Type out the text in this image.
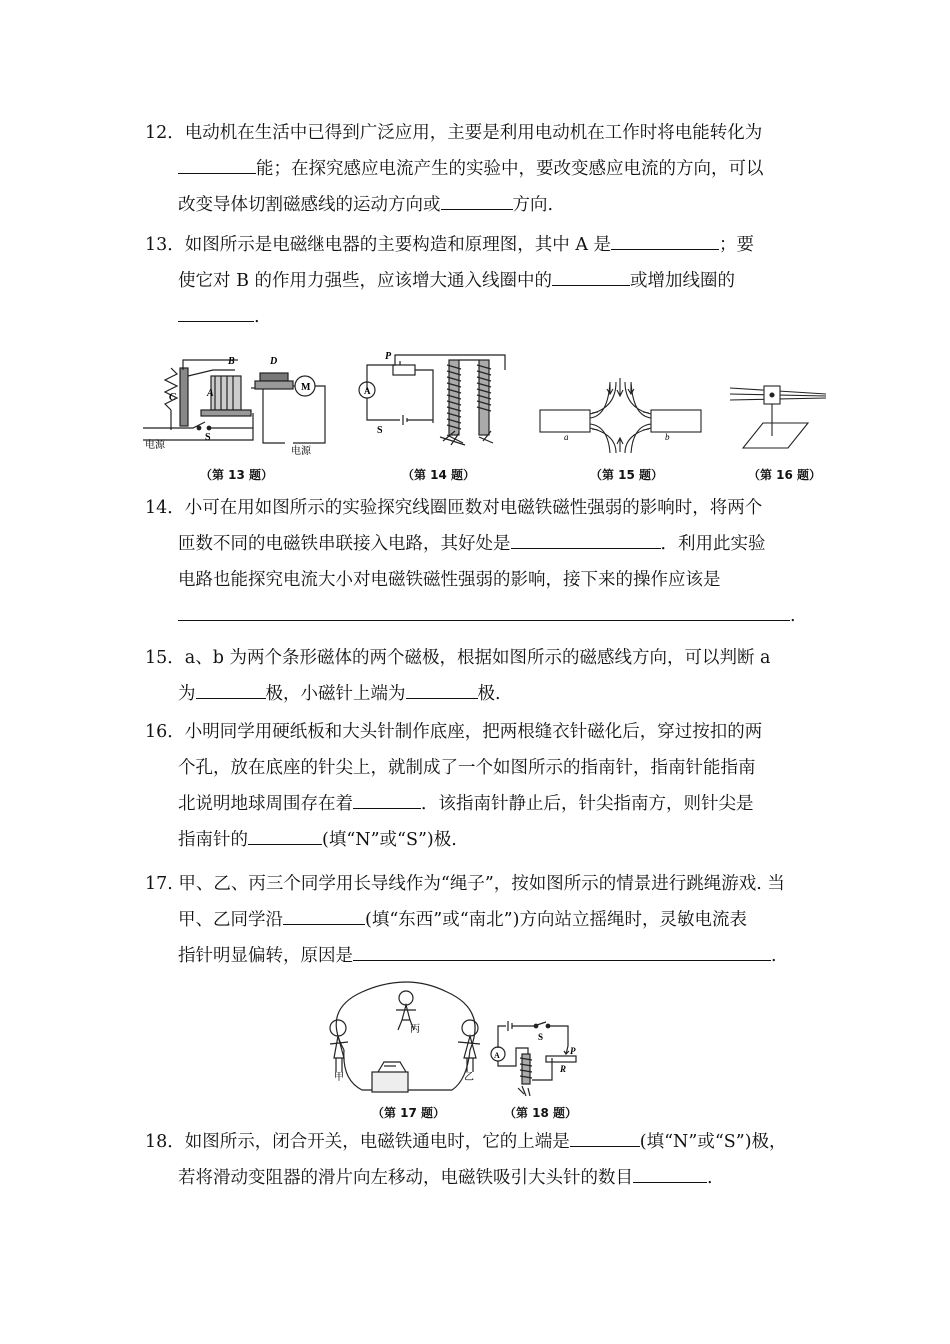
12．电动机在生活中已得到广泛应用，主要是利用电动机在工作时将电能转化为
能；在探究感应电流产生的实验中，要改变感应电流的方向，可以
改变导体切割磁感线的运动方向或	方向.
13．如图所示是电磁继电器的主要构造和原理图，其中 A 是	；要
使它对 B 的作用力强些，应该增大通入线圈中的	或增加线圈的
.
B	D
C	A
M
S
电源
电源
（第 13 题）
P
A
S
（第 14 题）
a	b
（第 15 题）	（第 16 题）
14．小可在用如图所示的实验探究线圈匝数对电磁铁磁性强弱的影响时，将两个
匝数不同的电磁铁串联接入电路，其好处是	．利用此实验
电路也能探究电流大小对电磁铁磁性强弱的影响，接下来的操作应该是
.
15．a、b 为两个条形磁体的两个磁极，根据如图所示的磁感线方向，可以判断 a
为	极，小磁针上端为	极.
16．小明同学用硬纸板和大头针制作底座，把两根缝衣针磁化后，穿过按扣的两
个孔，放在底座的针尖上，就制成了一个如图所示的指南针，指南针能指南
北说明地球周围存在着	．该指南针静止后，针尖指南方，则针尖是
指南针的	(填“N”或“S”)极.
17. 甲、乙、丙三个同学用长导线作为“绳子”，按如图所示的情景进行跳绳游戏. 当
甲、乙同学沿	(填“东西”或“南北”)方向站立摇绳时，灵敏电流表
指针明显偏转，原因是	.
丙
甲	乙
（第 17 题）
A
S
P
R
（第 18 题）
18．如图所示，闭合开关，电磁铁通电时，它的上端是	(填“N”或“S”)极，
若将滑动变阻器的滑片向左移动，电磁铁吸引大头针的数目	.
